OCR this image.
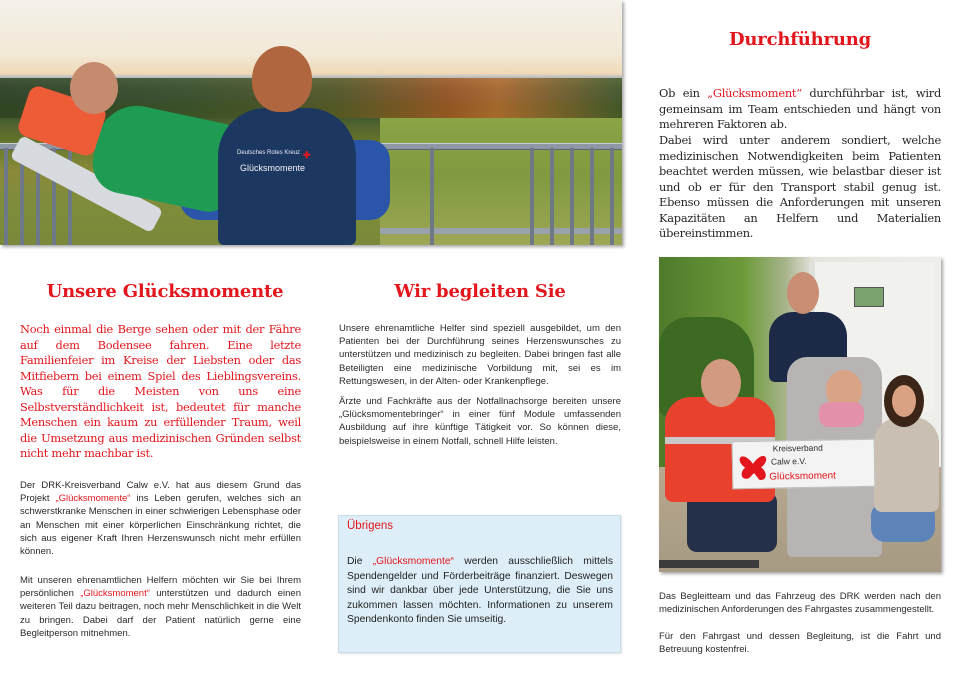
Deutsches Rotes Kreuz ✚
Glücksmomente
Unsere Glücksmomente

Noch einmal die Berge sehen oder mit der Fähre auf dem Bodensee fahren. Eine letzte Familienfeier im Kreise der Liebsten oder das Mitfiebern bei einem Spiel des Lieblingsvereins. Was für die Meisten von uns eine Selbstverständlichkeit ist, bedeutet für manche Menschen ein kaum zu erfüllender Traum, weil die Umsetzung aus medizinischen Gründen selbst nicht mehr machbar ist.

Der DRK-Kreisverband Calw e.V. hat aus diesem Grund das Projekt „Glücksmomente“ ins Leben gerufen, welches sich an schwerstkranke Menschen in einer schwierigen Lebensphase oder an Menschen mit einer körperlichen Einschränkung richtet, die sich aus eigener Kraft Ihren Herzenswunsch nicht mehr erfüllen können.

Mit unseren ehrenamtlichen Helfern möchten wir Sie bei Ihrem persönlichen „Glücksmoment“ unterstützen und dadurch einen weiteren Teil dazu beitragen, noch mehr Menschlichkeit in die Welt zu bringen. Dabei darf der Patient natürlich gerne eine Begleitperson mitnehmen.

Wir begleiten Sie

Unsere ehrenamtliche Helfer sind speziell ausgebildet, um den Patienten bei der Durchführung seines Herzenswunsches zu unterstützen und medizinisch zu begleiten. Dabei bringen fast alle Beteiligten eine medizinische Vorbildung mit, sei es im Rettungswesen, in der Alten- oder Krankenpflege.

Ärzte und Fachkräfte aus der Notfallnachsorge bereiten unsere „Glücksmomentebringer“ in einer fünf Module umfassenden Ausbildung auf ihre künftige Tätigkeit vor. So können diese, beispielsweise in einem Notfall, schnell Hilfe leisten.

Übrigens

Die „Glücksmomente“ werden ausschließlich mittels Spendengelder und Förderbeiträge finanziert. Deswegen sind wir dankbar über jede Unterstützung, die Sie uns zukommen lassen möchten. Informationen zu unserem Spendenkonto finden Sie umseitig.

Durchführung

Ob ein „Glücksmoment“ durchführbar ist, wird gemeinsam im Team entschieden und hängt von mehreren Faktoren ab.

Dabei wird unter anderem sondiert, welche medizinischen Notwendigkeiten beim Patienten beachtet werden müssen, wie belastbar dieser ist und ob er für den Transport stabil genug ist. Ebenso müssen die Anforderungen mit unseren Kapazitäten an Helfern und Materialien übereinstimmen.

Kreisverband
Calw e.V.
Glücksmoment

Das Begleitteam und das Fahrzeug des DRK werden nach den medizinischen Anforderungen des Fahrgastes zusammengestellt.

Für den Fahrgast und dessen Begleitung, ist die Fahrt und Betreuung kostenfrei.
